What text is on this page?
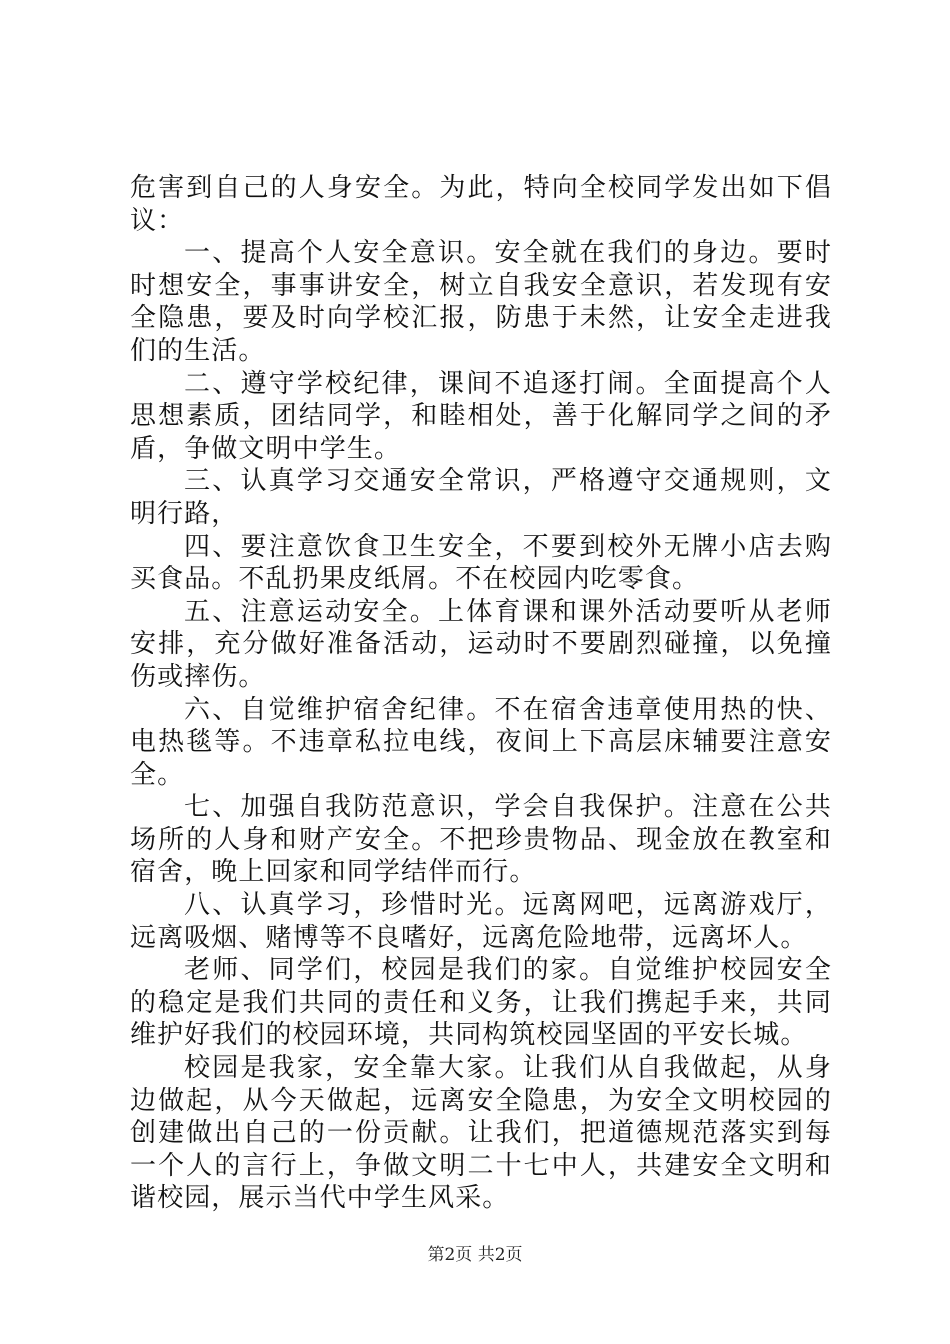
危害到自己的人身安全。为此，特向全校同学发出如下倡议：

一、提高个人安全意识。安全就在我们的身边。要时时想安全，事事讲安全，树立自我安全意识，若发现有安全隐患，要及时向学校汇报，防患于未然，让安全走进我们的生活。

二、遵守学校纪律，课间不追逐打闹。全面提高个人思想素质，团结同学，和睦相处，善于化解同学之间的矛盾，争做文明中学生。

三、认真学习交通安全常识，严格遵守交通规则，文明行路，

四、要注意饮食卫生安全，不要到校外无牌小店去购买食品。不乱扔果皮纸屑。不在校园内吃零食。

五、注意运动安全。上体育课和课外活动要听从老师安排，充分做好准备活动，运动时不要剧烈碰撞，以免撞伤或摔伤。

六、自觉维护宿舍纪律。不在宿舍违章使用热的快、电热毯等。不违章私拉电线，夜间上下高层床辅要注意安全。

七、加强自我防范意识，学会自我保护。注意在公共场所的人身和财产安全。不把珍贵物品、现金放在教室和宿舍，晚上回家和同学结伴而行。

八、认真学习，珍惜时光。远离网吧，远离游戏厅，远离吸烟、赌博等不良嗜好，远离危险地带，远离坏人。

老师、同学们，校园是我们的家。自觉维护校园安全的稳定是我们共同的责任和义务，让我们携起手来，共同维护好我们的校园环境，共同构筑校园坚固的平安长城。

校园是我家，安全靠大家。让我们从自我做起，从身边做起，从今天做起，远离安全隐患，为安全文明校园的创建做出自己的一份贡献。让我们，把道德规范落实到每一个人的言行上，争做文明二十七中人，共建安全文明和谐校园，展示当代中学生风采。

第2页 共2页
